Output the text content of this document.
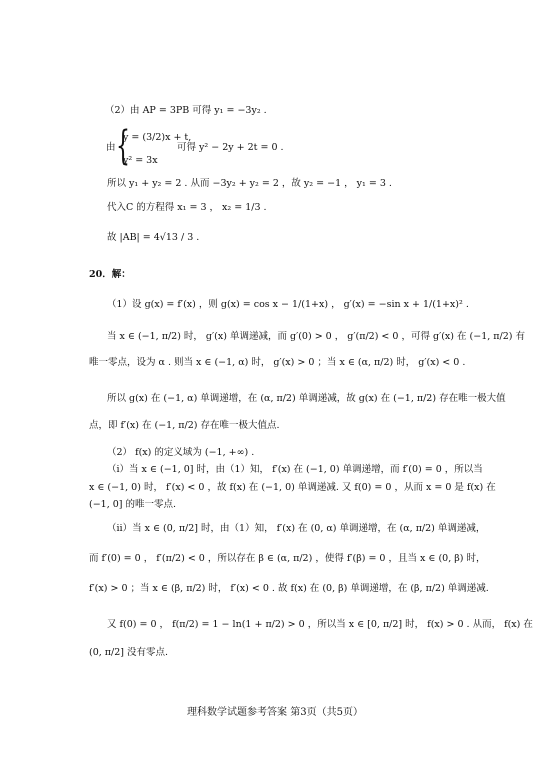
（2）由 AP = 3PB 可得 y₁ = −3y₂ .
y = (3/2)x + t,
由 {	可得 y² − 2y + 2t = 0 .
y² = 3x
所以 y₁ + y₂ = 2 . 从而 −3y₂ + y₂ = 2 ，故 y₂ = −1 ， y₁ = 3 .
代入C 的方程得 x₁ = 3 ， x₂ = 1/3 .
故 |AB| = 4√13 / 3 .
20．解：
（1）设 g(x) = f′(x) ，则 g(x) = cos x − 1/(1+x) ， g′(x) = −sin x + 1/(1+x)² .
当 x ∈ (−1, π/2) 时， g′(x) 单调递减，而 g′(0) > 0 ， g′(π/2) < 0 ，可得 g′(x) 在 (−1, π/2) 有
唯一零点，设为 α . 则当 x ∈ (−1, α) 时， g′(x) > 0 ；当 x ∈ (α, π/2) 时， g′(x) < 0 .
所以 g(x) 在 (−1, α) 单调递增，在 (α, π/2) 单调递减，故 g(x) 在 (−1, π/2) 存在唯一极大值
点，即 f′(x) 在 (−1, π/2) 存在唯一极大值点.
（2） f(x) 的定义域为 (−1, +∞) .
（ⅰ）当 x ∈ (−1, 0] 时，由（1）知， f′(x) 在 (−1, 0) 单调递增，而 f′(0) = 0 ，所以当
x ∈ (−1, 0) 时， f′(x) < 0 ，故 f(x) 在 (−1, 0) 单调递减. 又 f(0) = 0 ，从而 x = 0 是 f(x) 在
(−1, 0] 的唯一零点.
（ⅱ）当 x ∈ (0, π/2] 时，由（1）知， f′(x) 在 (0, α) 单调递增，在 (α, π/2) 单调递减，
而 f′(0) = 0 ， f′(π/2) < 0 ，所以存在 β ∈ (α, π/2) ，使得 f′(β) = 0 ，且当 x ∈ (0, β) 时，
f′(x) > 0 ；当 x ∈ (β, π/2) 时， f′(x) < 0 . 故 f(x) 在 (0, β) 单调递增，在 (β, π/2) 单调递减.
又 f(0) = 0 ， f(π/2) = 1 − ln(1 + π/2) > 0 ，所以当 x ∈ [0, π/2] 时， f(x) > 0 . 从而， f(x) 在
(0, π/2] 没有零点.
理科数学试题参考答案 第3页（共5页）
